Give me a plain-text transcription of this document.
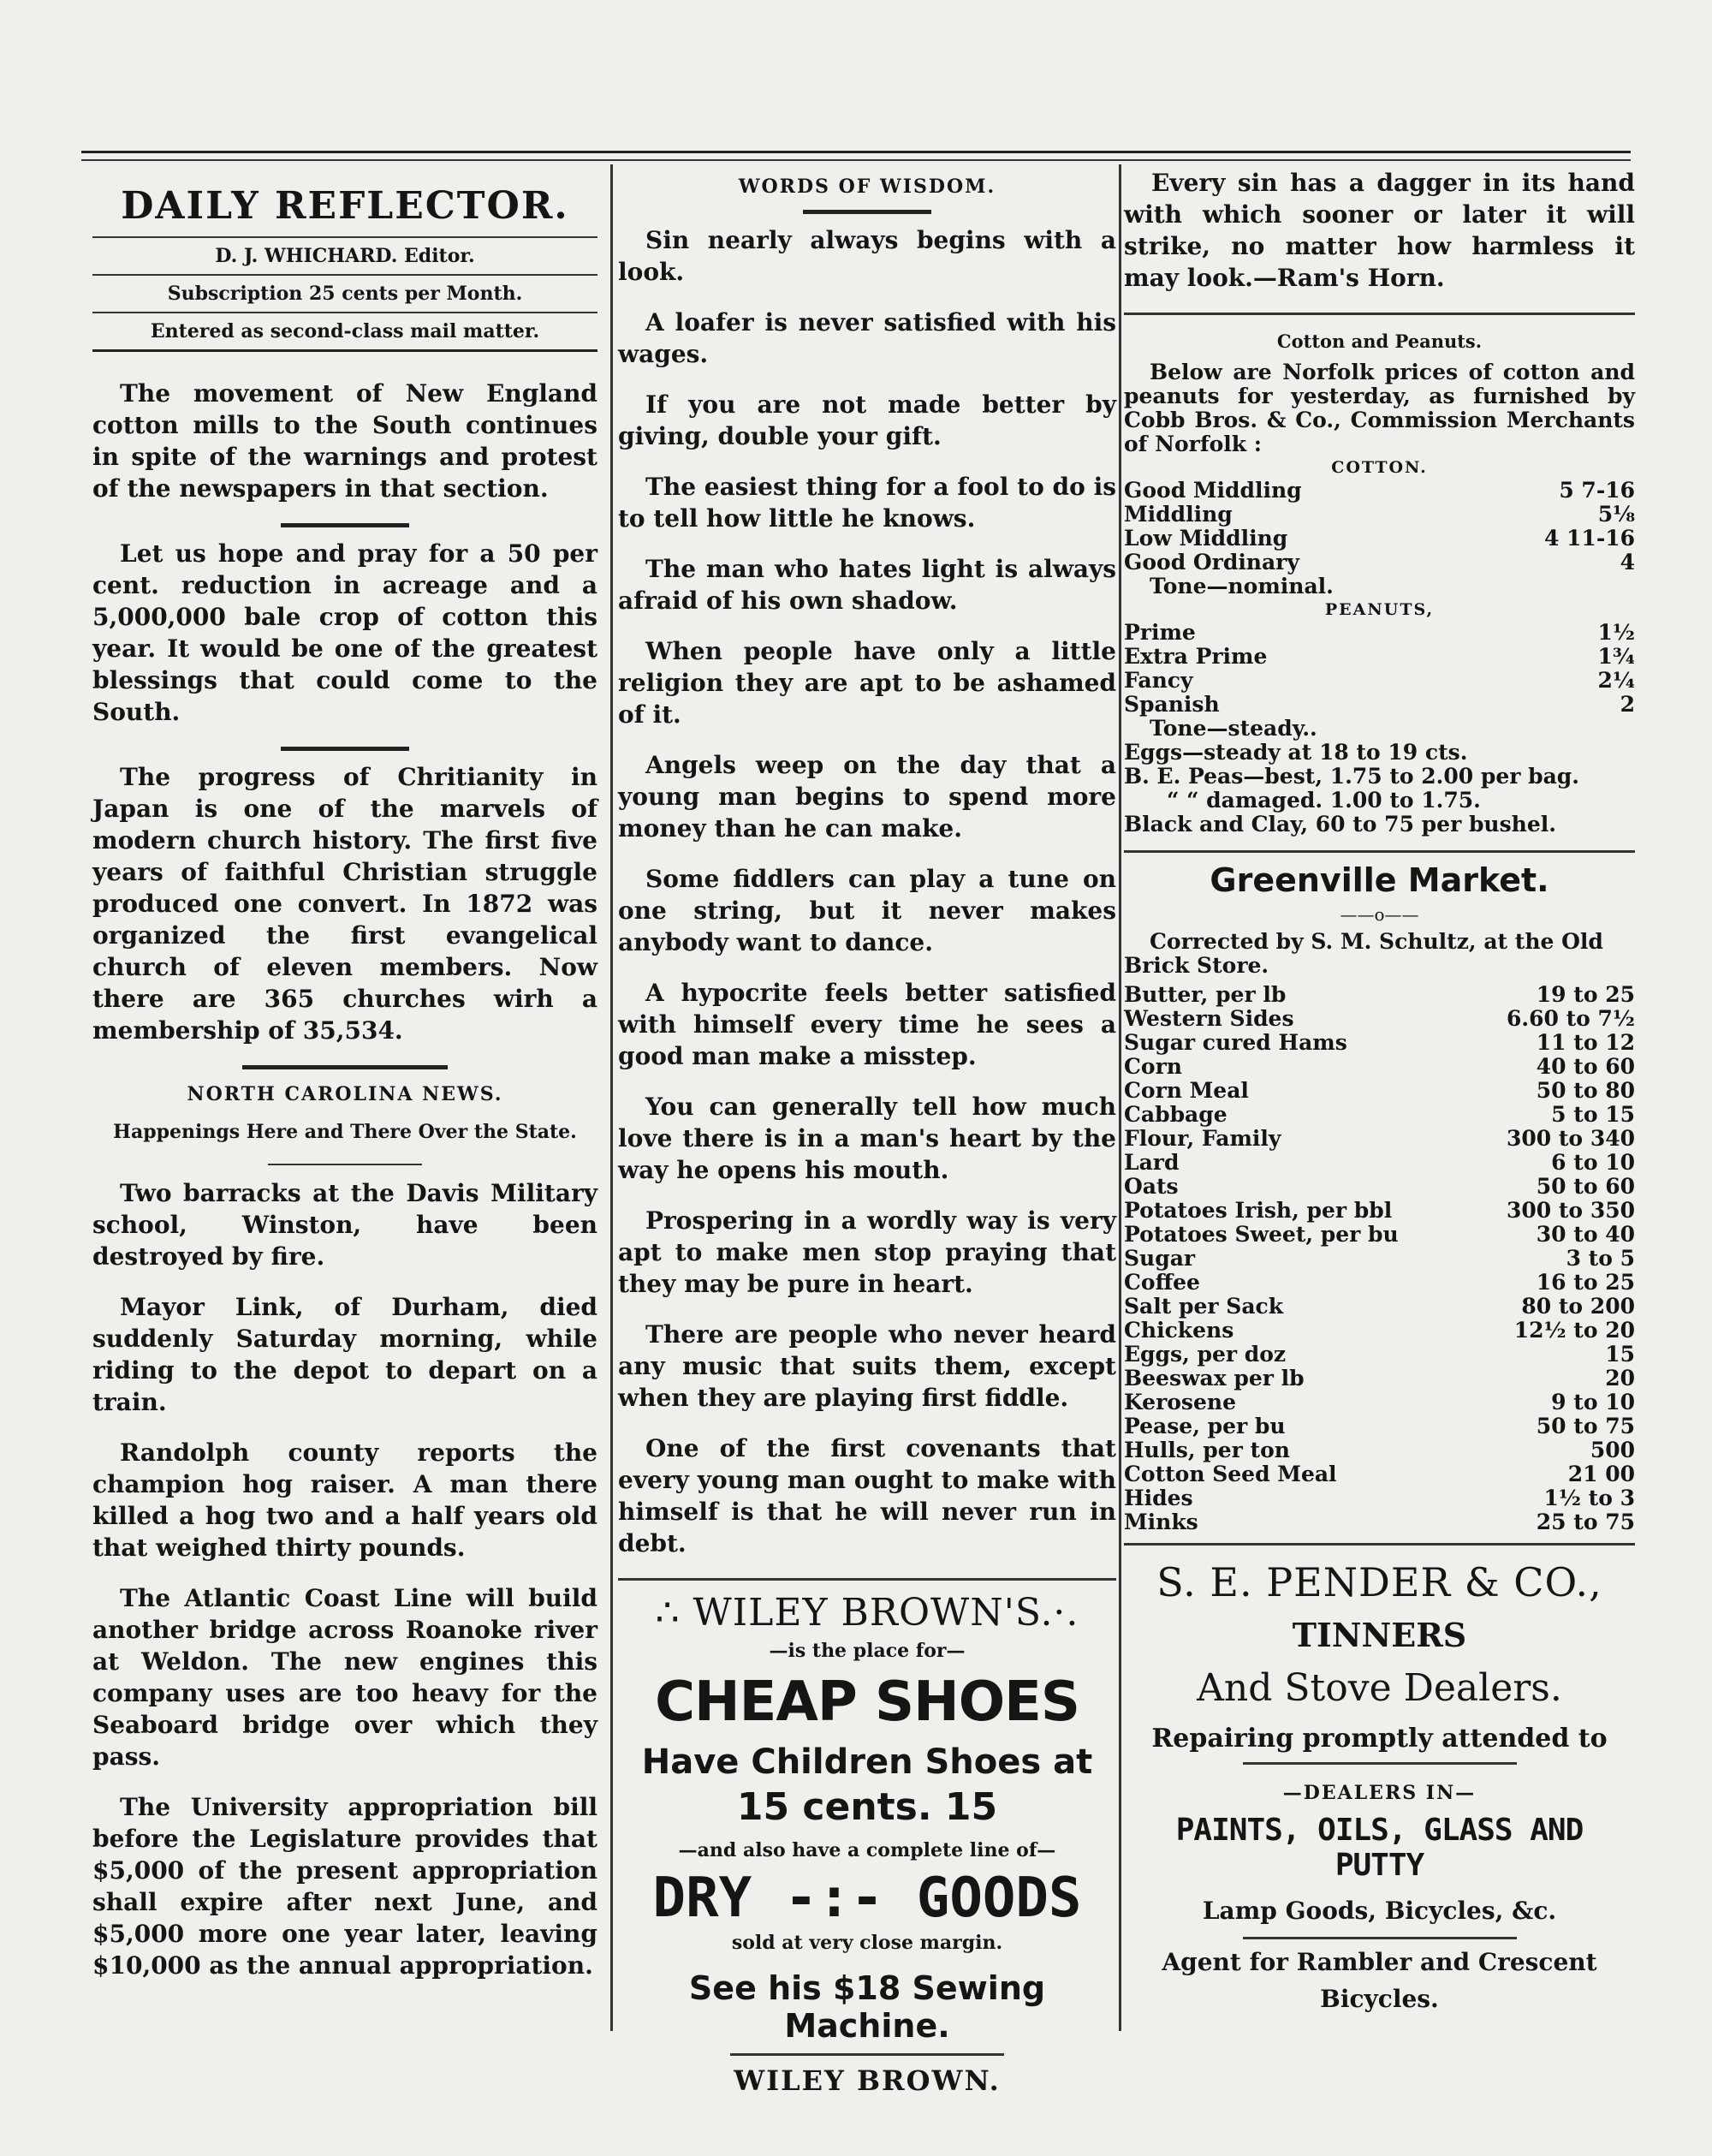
DAILY REFLECTOR.
D. J. WHICHARD. Editor.
Subscription 25 cents per Month.
Entered as second-class mail matter.

The movement of New England cotton mills to the South continues in spite of the warnings and protest of the newspapers in that section.

Let us hope and pray for a 50 per cent. reduction in acreage and a 5,000,000 bale crop of cotton this year. It would be one of the greatest blessings that could come to the South.

The progress of Chritianity in Japan is one of the marvels of modern church history. The first five years of faithful Christian struggle produced one convert. In 1872 was organized the first evangelical church of eleven members. Now there are 365 churches wirh a membership of 35,534.

NORTH CAROLINA NEWS.
Happenings Here and There Over the State.

Two barracks at the Davis Military school, Winston, have been destroyed by fire.

Mayor Link, of Durham, died suddenly Saturday morning, while riding to the depot to depart on a train.

Randolph county reports the champion hog raiser. A man there killed a hog two and a half years old that weighed thirty pounds.

The Atlantic Coast Line will build another bridge across Roanoke river at Weldon. The new engines this company uses are too heavy for the Seaboard bridge over which they pass.

The University appropriation bill before the Legislature provides that $5,000 of the present appropriation shall expire after next June, and $5,000 more one year later, leaving $10,000 as the annual appropriation.

WORDS OF WISDOM.

Sin nearly always begins with a look.

A loafer is never satisfied with his wages.

If you are not made better by giving, double your gift.

The easiest thing for a fool to do is to tell how little he knows.

The man who hates light is always afraid of his own shadow.

When people have only a little religion they are apt to be ashamed of it.

Angels weep on the day that a young man begins to spend more money than he can make.

Some fiddlers can play a tune on one string, but it never makes anybody want to dance.

A hypocrite feels better satisfied with himself every time he sees a good man make a misstep.

You can generally tell how much love there is in a man's heart by the way he opens his mouth.

Prospering in a wordly way is very apt to make men stop praying that they may be pure in heart.

There are people who never heard any music that suits them, except when they are playing first fiddle.

One of the first covenants that every young man ought to make with himself is that he will never run in debt.

∴ WILEY BROWN'S.·.
—is the place for—
CHEAP SHOES
Have Children Shoes at
15 cents. 15
—and also have a complete line of—
DRY -:- GOODS
sold at very close margin.
See his $18 Sewing Machine.
WILEY BROWN.

Every sin has a dagger in its hand with which sooner or later it will strike, no matter how harmless it may look.—Ram's Horn.

Cotton and Peanuts.
Below are Norfolk prices of cotton and peanuts for yesterday, as furnished by Cobb Bros. & Co., Commission Merchants of Norfolk :
COTTON.
Good Middling	5 7-16
Middling	5⅛
Low Middling	4 11-16
Good Ordinary	4
Tone—nominal.
PEANUTS,
Prime	1½
Extra Prime	1¾
Fancy	2¼
Spanish	2
Tone—steady..
Eggs—steady at 18 to 19 cts.
B. E. Peas—best, 1.75 to 2.00 per bag.
“ “ damaged. 1.00 to 1.75.
Black and Clay, 60 to 75 per bushel.
Greenville Market.
——o——
Corrected by S. M. Schultz, at the Old Brick Store.
Butter, per lb	19 to 25
Western Sides	6.60 to 7½
Sugar cured Hams	11 to 12
Corn	40 to 60
Corn Meal	50 to 80
Cabbage	5 to 15
Flour, Family	300 to 340
Lard	6 to 10
Oats	50 to 60
Potatoes Irish, per bbl	300 to 350
Potatoes Sweet, per bu	30 to 40
Sugar	3 to 5
Coffee	16 to 25
Salt per Sack	80 to 200
Chickens	12½ to 20
Eggs, per doz	15
Beeswax per lb	20
Kerosene	9 to 10
Pease, per bu	50 to 75
Hulls, per ton	500
Cotton Seed Meal	21 00
Hides	1½ to 3
Minks	25 to 75
S. E. PENDER & CO.,
TINNERS
And Stove Dealers.
Repairing promptly attended to
—DEALERS IN—
PAINTS, OILS, GLASS AND PUTTY
Lamp Goods, Bicycles, &c.
Agent for Rambler and Crescent
Bicycles.
